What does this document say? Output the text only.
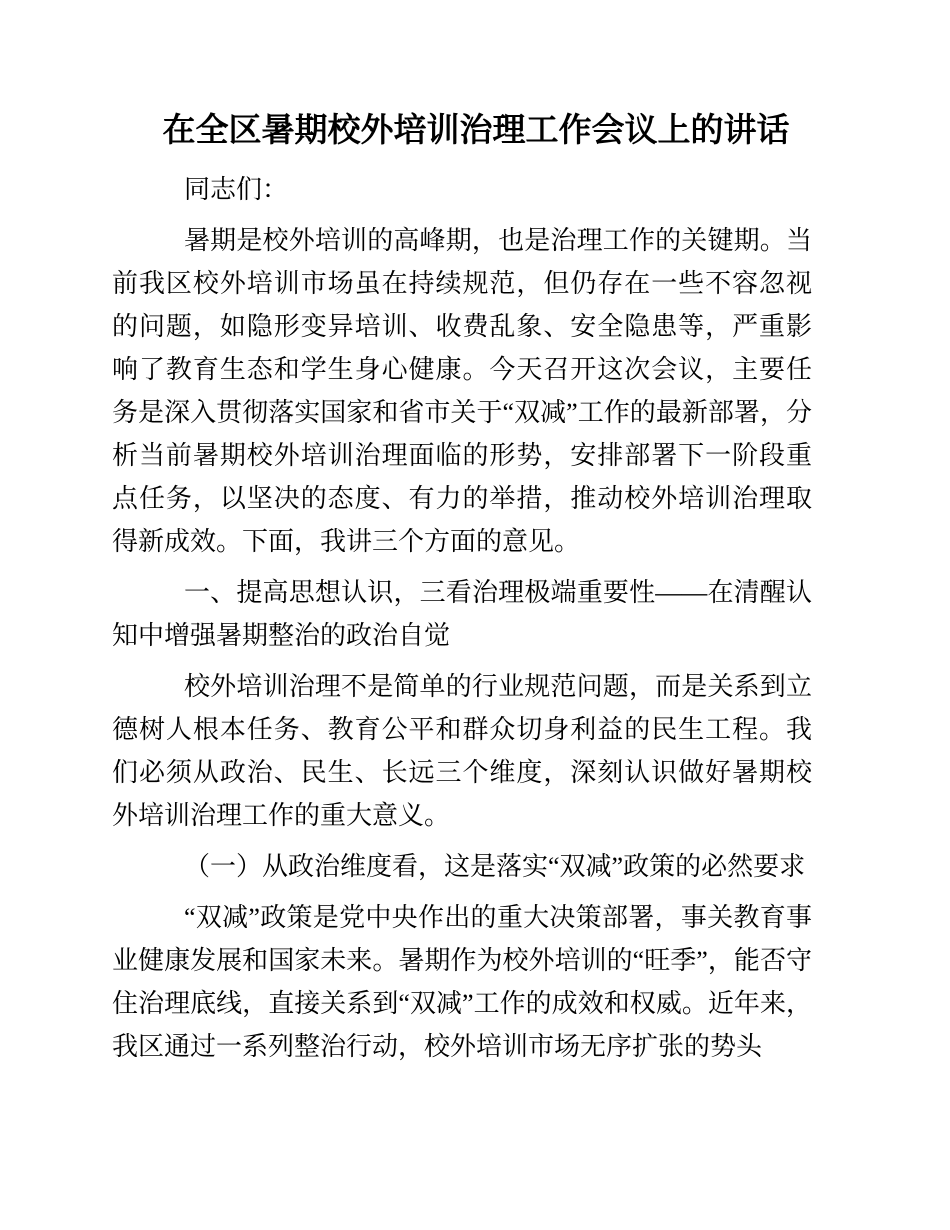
在全区暑期校外培训治理工作会议上的讲话

同志们：

暑期是校外培训的高峰期，也是治理工作的关键期。当前我区校外培训市场虽在持续规范，但仍存在一些不容忽视的问题，如隐形变异培训、收费乱象、安全隐患等，严重影响了教育生态和学生身心健康。今天召开这次会议，主要任务是深入贯彻落实国家和省市关于“双减”工作的最新部署，分析当前暑期校外培训治理面临的形势，安排部署下一阶段重点任务，以坚决的态度、有力的举措，推动校外培训治理取得新成效。下面，我讲三个方面的意见。

一、提高思想认识，三看治理极端重要性——在清醒认知中增强暑期整治的政治自觉

校外培训治理不是简单的行业规范问题，而是关系到立德树人根本任务、教育公平和群众切身利益的民生工程。我们必须从政治、民生、长远三个维度，深刻认识做好暑期校外培训治理工作的重大意义。

（一）从政治维度看，这是落实“双减”政策的必然要求

“双减”政策是党中央作出的重大决策部署，事关教育事业健康发展和国家未来。暑期作为校外培训的“旺季”，能否守住治理底线，直接关系到“双减”工作的成效和权威。近年来，我区通过一系列整治行动，校外培训市场无序扩张的势头
